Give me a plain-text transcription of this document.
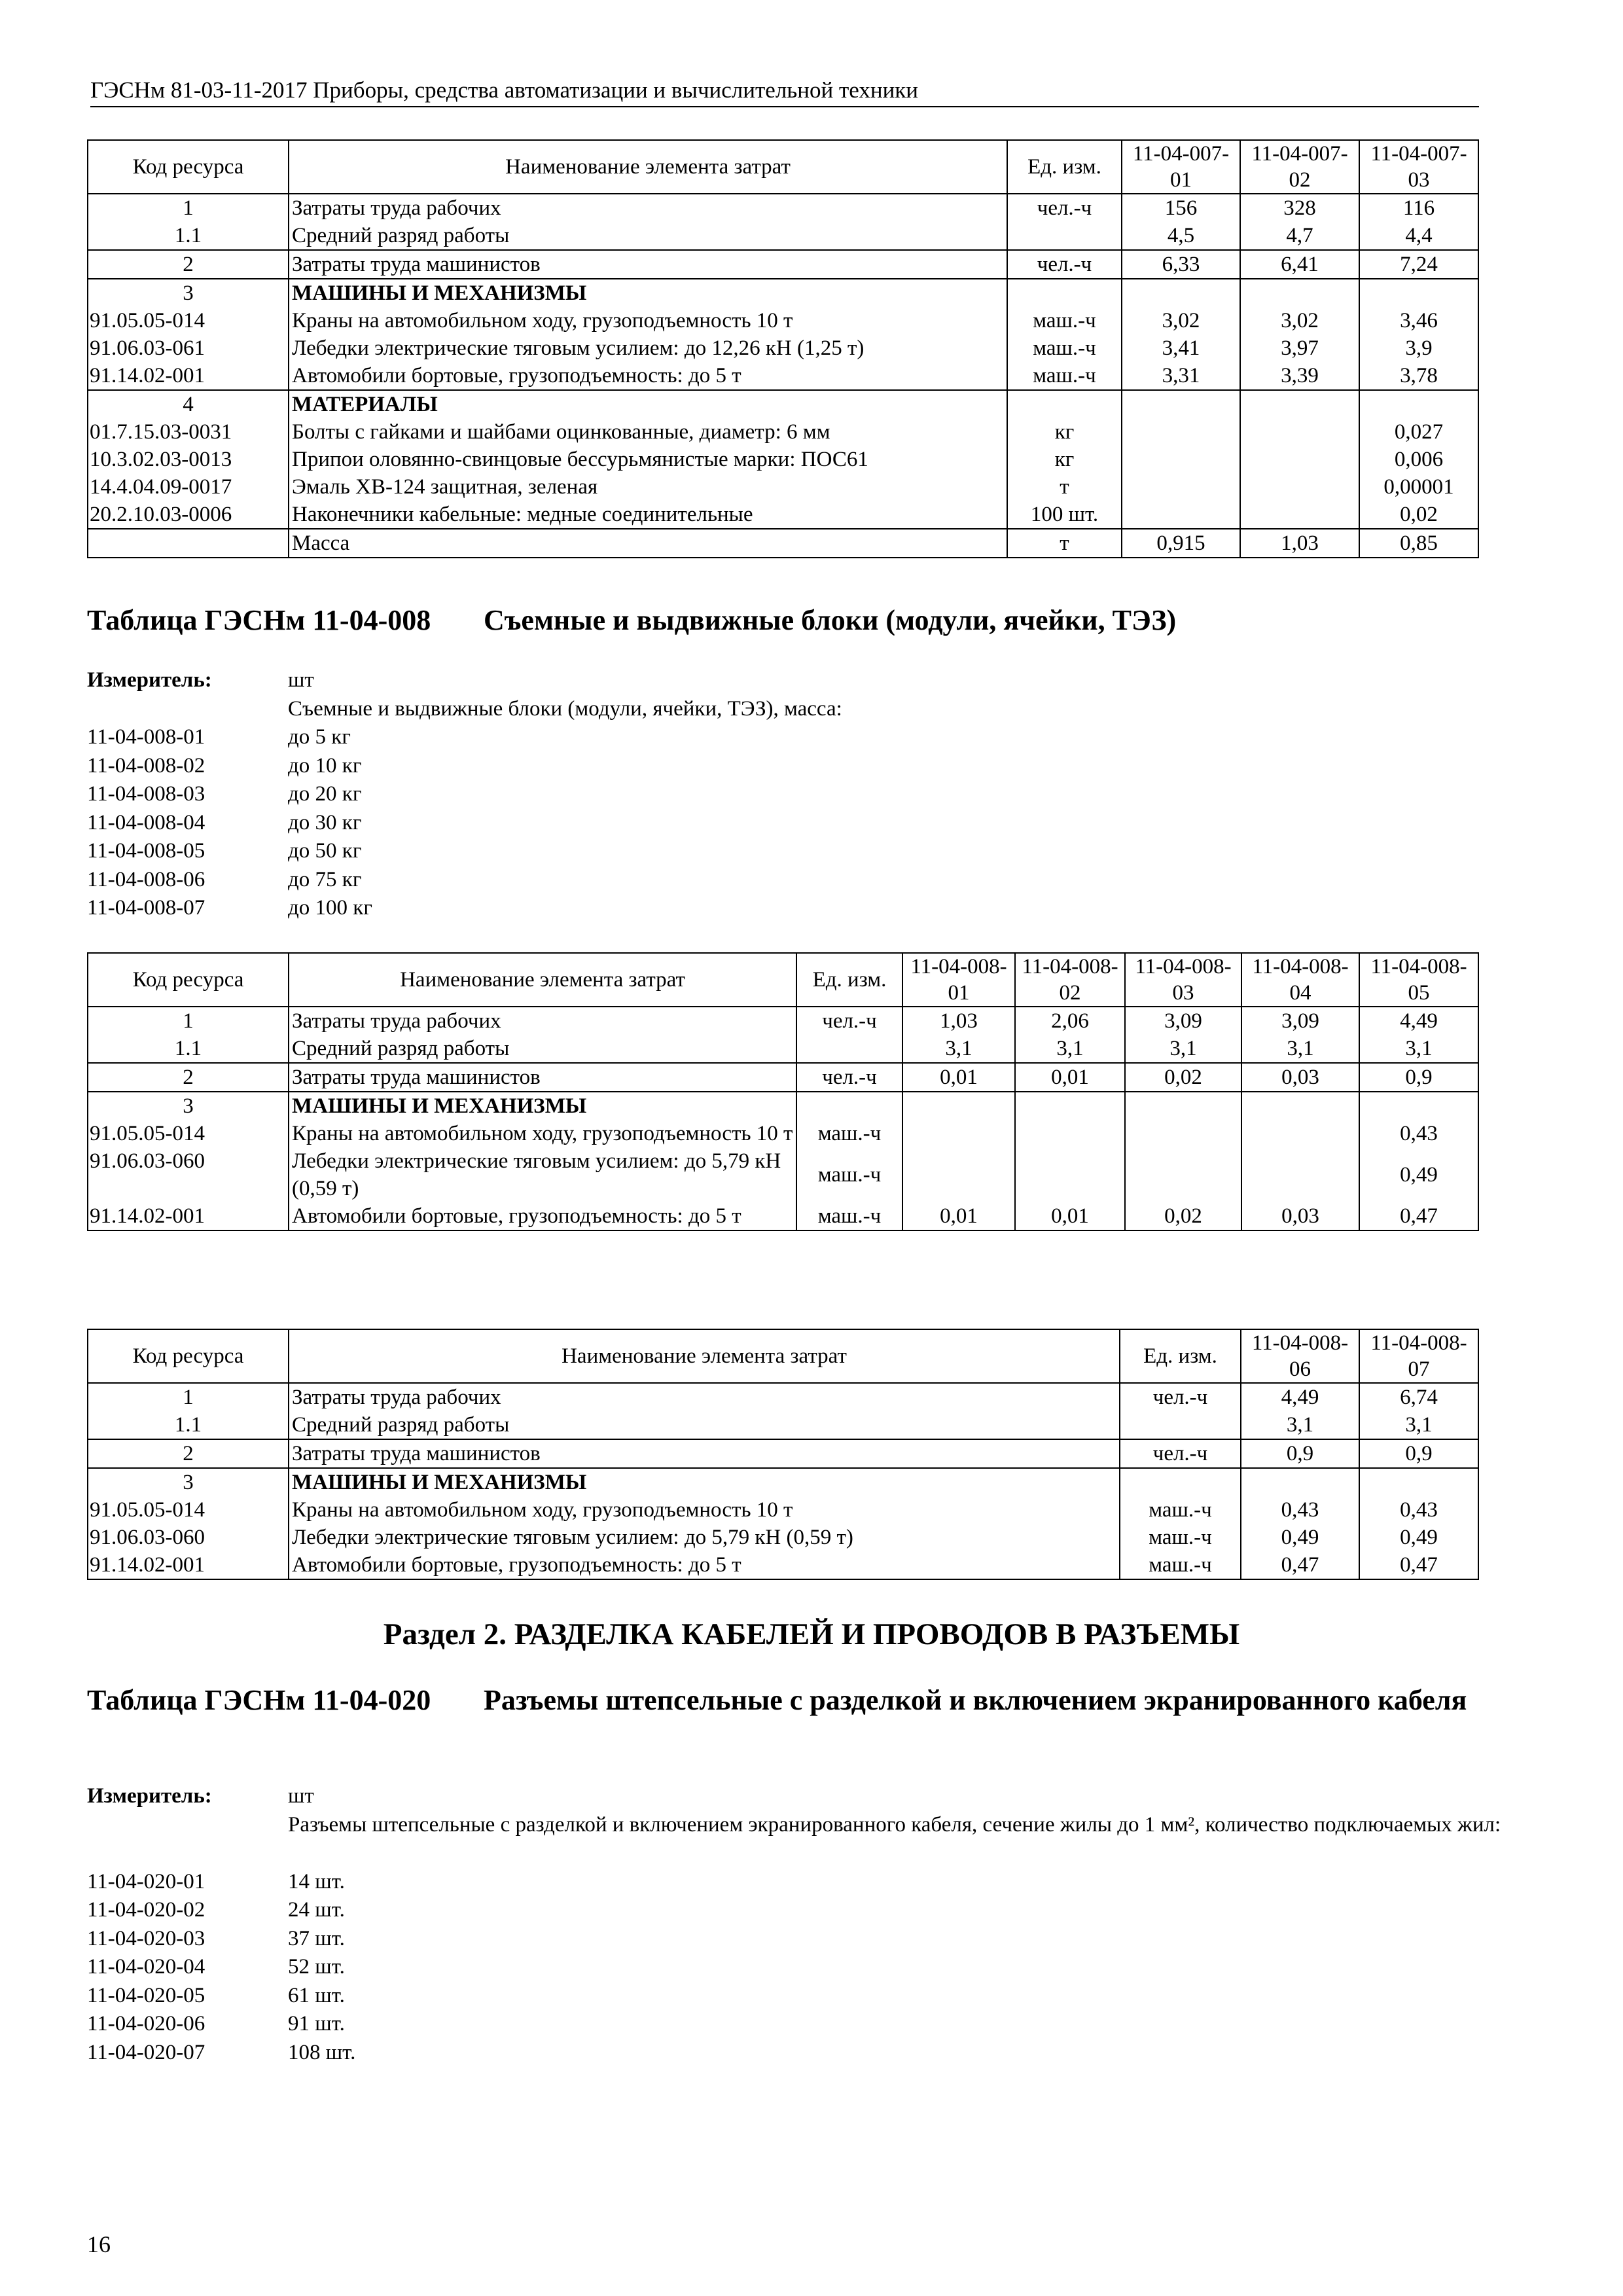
ГЭСНм 81-03-11-2017 Приборы, средства автоматизации и вычислительной техники
Код ресурса	Наименование элемента затрат	Ед. изм.	11-04-007-01	11-04-007-02	11-04-007-03
1	Затраты труда рабочих	чел.-ч	156	328	116
1.1	Средний разряд работы		4,5	4,7	4,4
2	Затраты труда машинистов	чел.-ч	6,33	6,41	7,24
3	МАШИНЫ И МЕХАНИЗМЫ				
91.05.05-014	Краны на автомобильном ходу, грузоподъемность 10 т	маш.-ч	3,02	3,02	3,46
91.06.03-061	Лебедки электрические тяговым усилием: до 12,26 кН (1,25 т)	маш.-ч	3,41	3,97	3,9
91.14.02-001	Автомобили бортовые, грузоподъемность: до 5 т	маш.-ч	3,31	3,39	3,78
4	МАТЕРИАЛЫ				
01.7.15.03-0031	Болты с гайками и шайбами оцинкованные, диаметр: 6 мм	кг			0,027
10.3.02.03-0013	Припои оловянно-свинцовые бессурьмянистые марки: ПОС61	кг			0,006
14.4.04.09-0017	Эмаль ХВ-124 защитная, зеленая	т			0,00001
20.2.10.03-0006	Наконечники кабельные: медные соединительные	100 шт.			0,02
	Масса	т	0,915	1,03	0,85
Таблица ГЭСНм 11-04-008 Съемные и выдвижные блоки (модули, ячейки, ТЭЗ)
Измеритель:	шт
Съемные и выдвижные блоки (модули, ячейки, ТЭЗ), масса:
11-04-008-01	до 5 кг
11-04-008-02	до 10 кг
11-04-008-03	до 20 кг
11-04-008-04	до 30 кг
11-04-008-05	до 50 кг
11-04-008-06	до 75 кг
11-04-008-07	до 100 кг
Код ресурса	Наименование элемента затрат	Ед. изм.	11-04-008-01	11-04-008-02	11-04-008-03	11-04-008-04	11-04-008-05
1	Затраты труда рабочих	чел.-ч	1,03	2,06	3,09	3,09	4,49
1.1	Средний разряд работы		3,1	3,1	3,1	3,1	3,1
2	Затраты труда машинистов	чел.-ч	0,01	0,01	0,02	0,03	0,9
3	МАШИНЫ И МЕХАНИЗМЫ						
91.05.05-014	Краны на автомобильном ходу, грузоподъемность 10 т	маш.-ч					0,43
91.06.03-060	Лебедки электрические тяговым усилием: до 5,79 кН (0,59 т)	маш.-ч					0,49
91.14.02-001	Автомобили бортовые, грузоподъемность: до 5 т	маш.-ч	0,01	0,01	0,02	0,03	0,47
Код ресурса	Наименование элемента затрат	Ед. изм.	11-04-008-06	11-04-008-07
1	Затраты труда рабочих	чел.-ч	4,49	6,74
1.1	Средний разряд работы		3,1	3,1
2	Затраты труда машинистов	чел.-ч	0,9	0,9
3	МАШИНЫ И МЕХАНИЗМЫ			
91.05.05-014	Краны на автомобильном ходу, грузоподъемность 10 т	маш.-ч	0,43	0,43
91.06.03-060	Лебедки электрические тяговым усилием: до 5,79 кН (0,59 т)	маш.-ч	0,49	0,49
91.14.02-001	Автомобили бортовые, грузоподъемность: до 5 т	маш.-ч	0,47	0,47
Раздел 2. РАЗДЕЛКА КАБЕЛЕЙ И ПРОВОДОВ В РАЗЪЕМЫ
Таблица ГЭСНм 11-04-020 Разъемы штепсельные с разделкой и включением экранированного кабеля
Измеритель:	шт
Разъемы штепсельные с разделкой и включением экранированного кабеля, сечение жилы до 1 мм², количество подключаемых жил:
11-04-020-01	14 шт.
11-04-020-02	24 шт.
11-04-020-03	37 шт.
11-04-020-04	52 шт.
11-04-020-05	61 шт.
11-04-020-06	91 шт.
11-04-020-07	108 шт.
16
